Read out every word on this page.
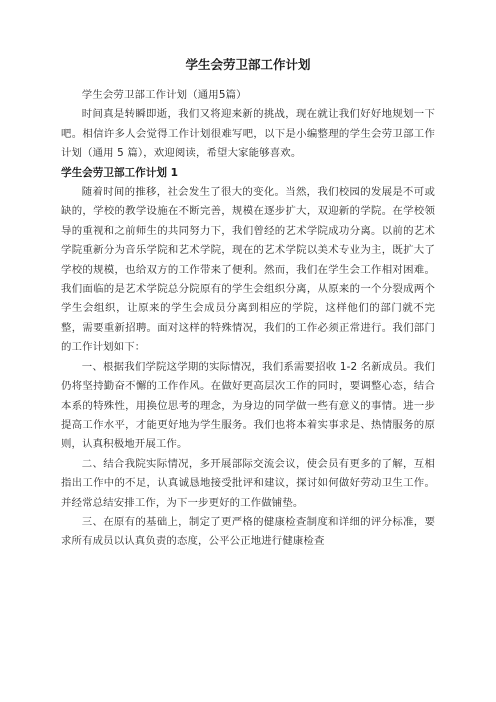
学生会劳卫部工作计划

学生会劳卫部工作计划（通用5篇）

时间真是转瞬即逝，我们又将迎来新的挑战，现在就让我们好好地规划一下吧。相信许多人会觉得工作计划很难写吧，以下是小编整理的学生会劳卫部工作计划（通用 5 篇），欢迎阅读，希望大家能够喜欢。

学生会劳卫部工作计划 1

随着时间的推移，社会发生了很大的变化。当然，我们校园的发展是不可或缺的，学校的教学设施在不断完善，规模在逐步扩大，双迎新的学院。在学校领导的重视和之前师生的共同努力下，我们曾经的艺术学院成功分离。以前的艺术学院重新分为音乐学院和艺术学院，现在的艺术学院以美术专业为主，既扩大了学校的规模，也给双方的工作带来了便利。然而，我们在学生会工作相对困难。我们面临的是艺术学院总分院原有的学生会组织分离，从原来的一个分裂成两个学生会组织，让原来的学生会成员分离到相应的学院，这样他们的部门就不完整，需要重新招聘。面对这样的特殊情况，我们的工作必须正常进行。我们部门的工作计划如下：

一、根据我们学院这学期的实际情况，我们系需要招收 1-2 名新成员。我们仍将坚持勤奋不懈的工作作风。在做好更高层次工作的同时，要调整心态，结合本系的特殊性，用换位思考的理念，为身边的同学做一些有意义的事情。进一步提高工作水平，才能更好地为学生服务。我们也将本着实事求是、热情服务的原则，认真积极地开展工作。

二、结合我院实际情况，多开展部际交流会议，使会员有更多的了解，互相指出工作中的不足，认真诚恳地接受批评和建议，探讨如何做好劳动卫生工作。并经常总结安排工作，为下一步更好的工作做铺垫。

三、在原有的基础上，制定了更严格的健康检查制度和详细的评分标准，要求所有成员以认真负责的态度，公平公正地进行健康检查
